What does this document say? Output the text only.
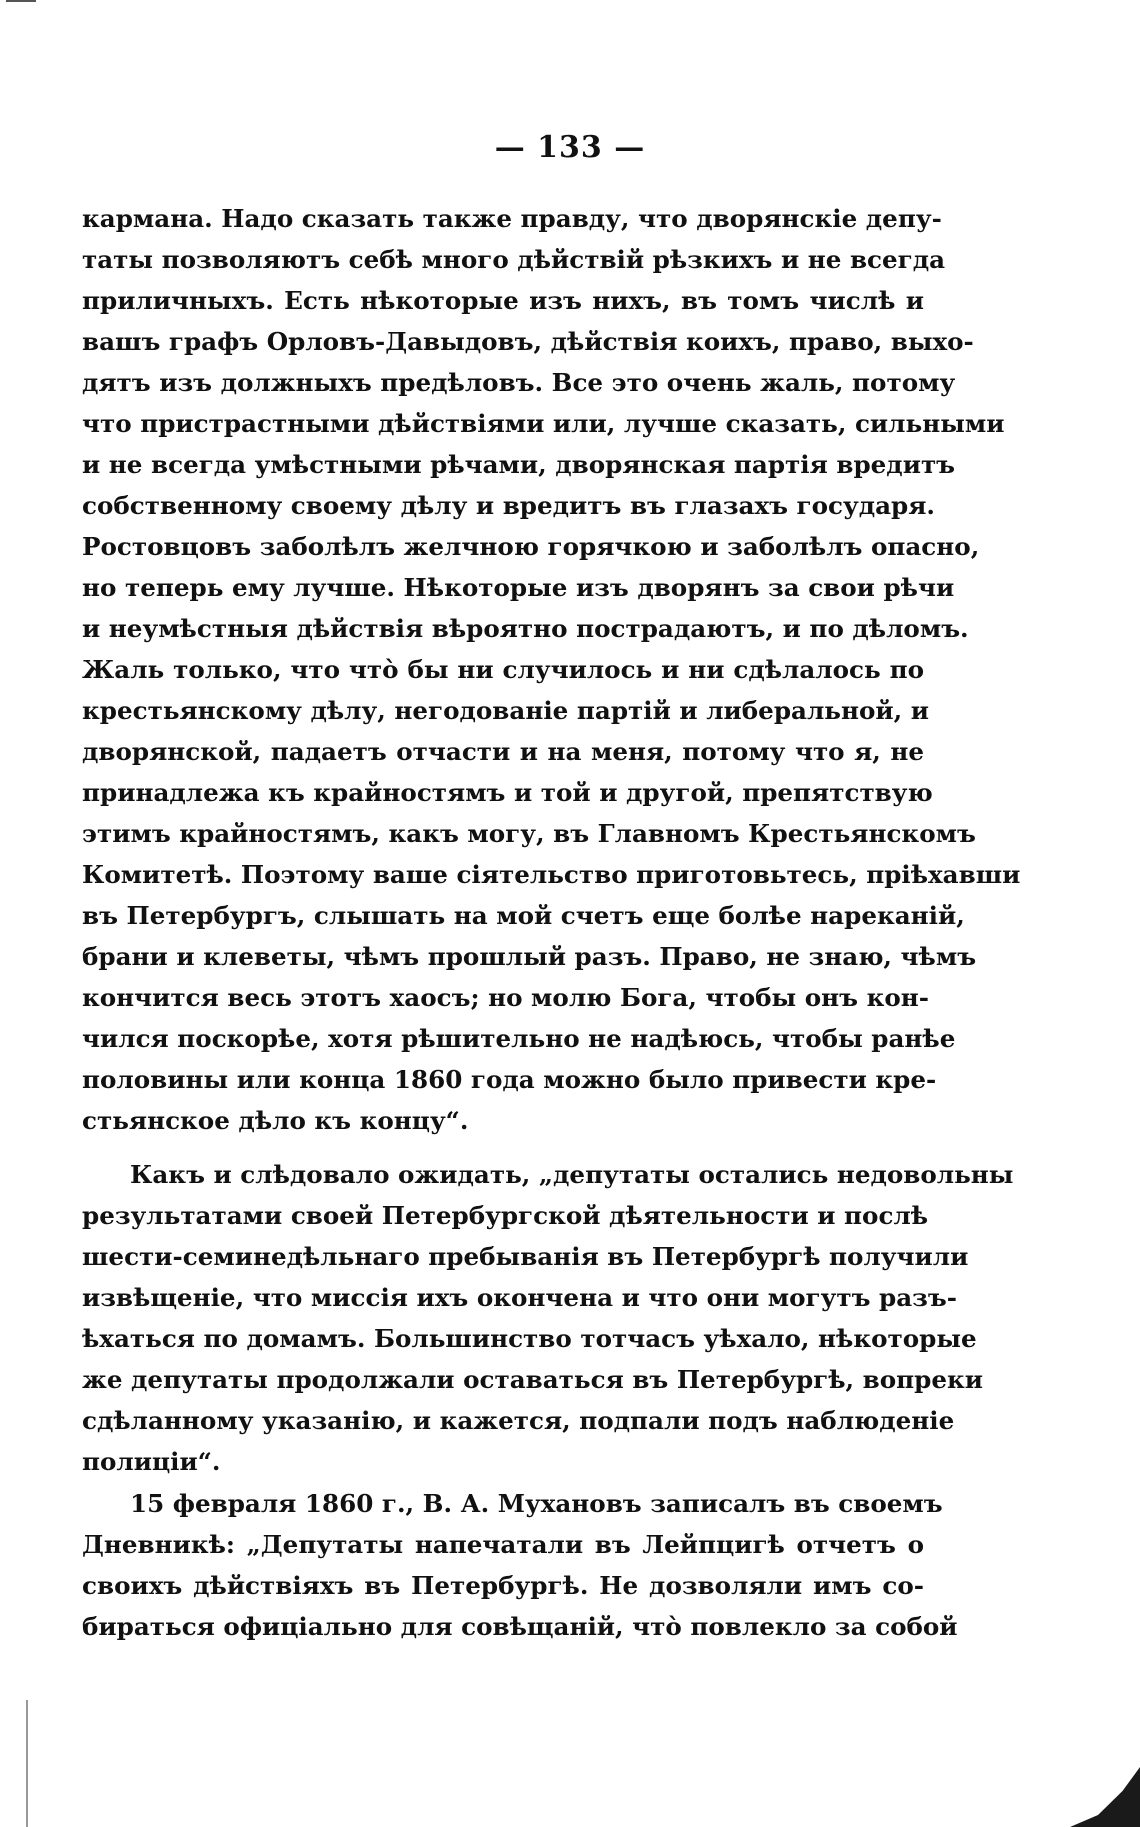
— 133 —
кармана. Надо сказать также правду, что дворянскіе депу-
таты позволяютъ себѣ много дѣйствій рѣзкихъ и не всегда
приличныхъ. Есть нѣкоторые изъ нихъ, въ томъ числѣ и
вашъ графъ Орловъ-Давыдовъ, дѣйствія коихъ, право, выхо-
дятъ изъ должныхъ предѣловъ. Все это очень жаль, потому
что пристрастными дѣйствіями или, лучше сказать, сильными
и не всегда умѣстными рѣчами, дворянская партія вредитъ
собственному своему дѣлу и вредитъ въ глазахъ государя.
Ростовцовъ заболѣлъ желчною горячкою и заболѣлъ опасно,
но теперь ему лучше. Нѣкоторые изъ дворянъ за свои рѣчи
и неумѣстныя дѣйствія вѣроятно пострадаютъ, и по дѣломъ.
Жаль только, что что̀ бы ни случилось и ни сдѣлалось по
крестьянскому дѣлу, негодованіе партій и либеральной, и
дворянской, падаетъ отчасти и на меня, потому что я, не
принадлежа къ крайностямъ и той и другой, препятствую
этимъ крайностямъ, какъ могу, въ Главномъ Крестьянскомъ
Комитетѣ. Поэтому ваше сіятельство приготовьтесь, пріѣхавши
въ Петербургъ, слышать на мой счетъ еще болѣе нареканій,
брани и клеветы, чѣмъ прошлый разъ. Право, не знаю, чѣмъ
кончится весь этотъ хаосъ; но молю Бога, чтобы онъ кон-
чился поскорѣе, хотя рѣшительно не надѣюсь, чтобы ранѣе
половины или конца 1860 года можно было привести кре-
стьянское дѣло къ концу“.
Какъ и слѣдовало ожидать, „депутаты остались недовольны
результатами своей Петербургской дѣятельности и послѣ
шести-семинедѣльнаго пребыванія въ Петербургѣ получили
извѣщеніе, что миссія ихъ окончена и что они могутъ разъ-
ѣхаться по домамъ. Большинство тотчасъ уѣхало, нѣкоторые
же депутаты продолжали оставаться въ Петербургѣ, вопреки
сдѣланному указанію, и кажется, подпали подъ наблюденіе
полиціи“.
15 февраля 1860 г., В. А. Мухановъ записалъ въ своемъ
Дневникѣ: „Депутаты напечатали въ Лейпцигѣ отчетъ о
своихъ дѣйствіяхъ въ Петербургѣ. Не дозволяли имъ со-
бираться офиціально для совѣщаній, что̀ повлекло за собой
